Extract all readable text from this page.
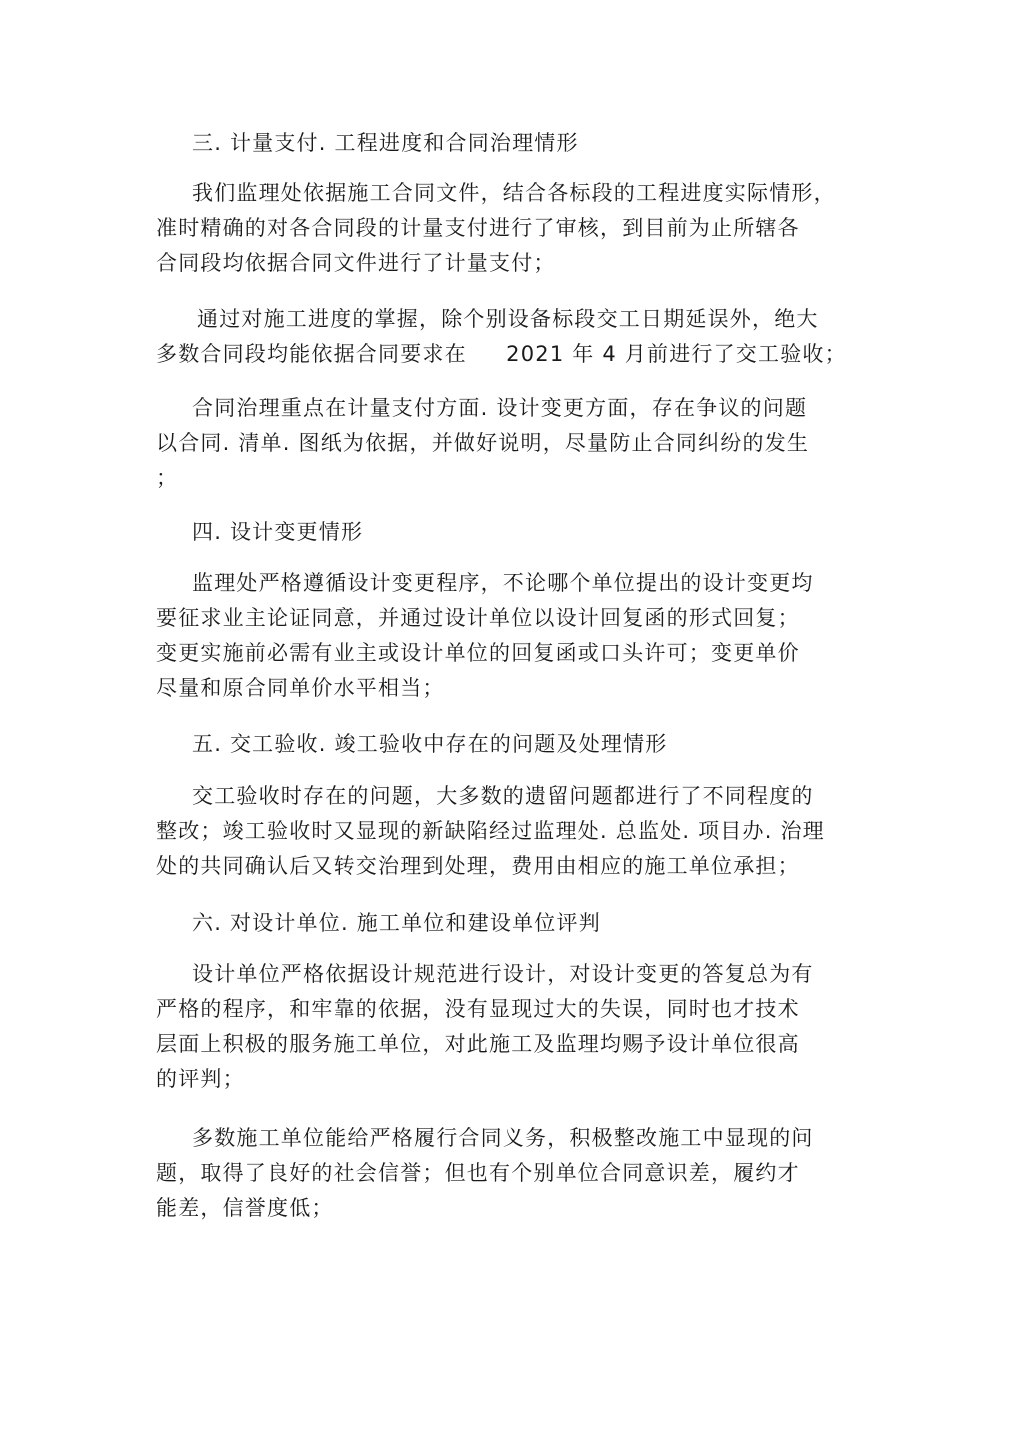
三. 计量支付. 工程进度和合同治理情形
我们监理处依据施工合同文件，结合各标段的工程进度实际情形，
准时精确的对各合同段的计量支付进行了审核，到目前为止所辖各
合同段均依据合同文件进行了计量支付；
通过对施工进度的掌握，除个别设备标段交工日期延误外，绝大
多数合同段均能依据合同要求在     2021 年 4 月前进行了交工验收；
合同治理重点在计量支付方面. 设计变更方面，存在争议的问题
以合同. 清单. 图纸为依据，并做好说明，尽量防止合同纠纷的发生
；
四. 设计变更情形
监理处严格遵循设计变更程序，不论哪个单位提出的设计变更均
要征求业主论证同意，并通过设计单位以设计回复函的形式回复；
变更实施前必需有业主或设计单位的回复函或口头许可；变更单价
尽量和原合同单价水平相当；
五. 交工验收. 竣工验收中存在的问题及处理情形
交工验收时存在的问题，大多数的遗留问题都进行了不同程度的
整改；竣工验收时又显现的新缺陷经过监理处. 总监处. 项目办. 治理
处的共同确认后又转交治理到处理，费用由相应的施工单位承担；
六. 对设计单位. 施工单位和建设单位评判
设计单位严格依据设计规范进行设计，对设计变更的答复总为有
严格的程序，和牢靠的依据，没有显现过大的失误，同时也才技术
层面上积极的服务施工单位，对此施工及监理均赐予设计单位很高
的评判；
多数施工单位能给严格履行合同义务，积极整改施工中显现的问
题，取得了良好的社会信誉；但也有个别单位合同意识差，履约才
能差，信誉度低；
